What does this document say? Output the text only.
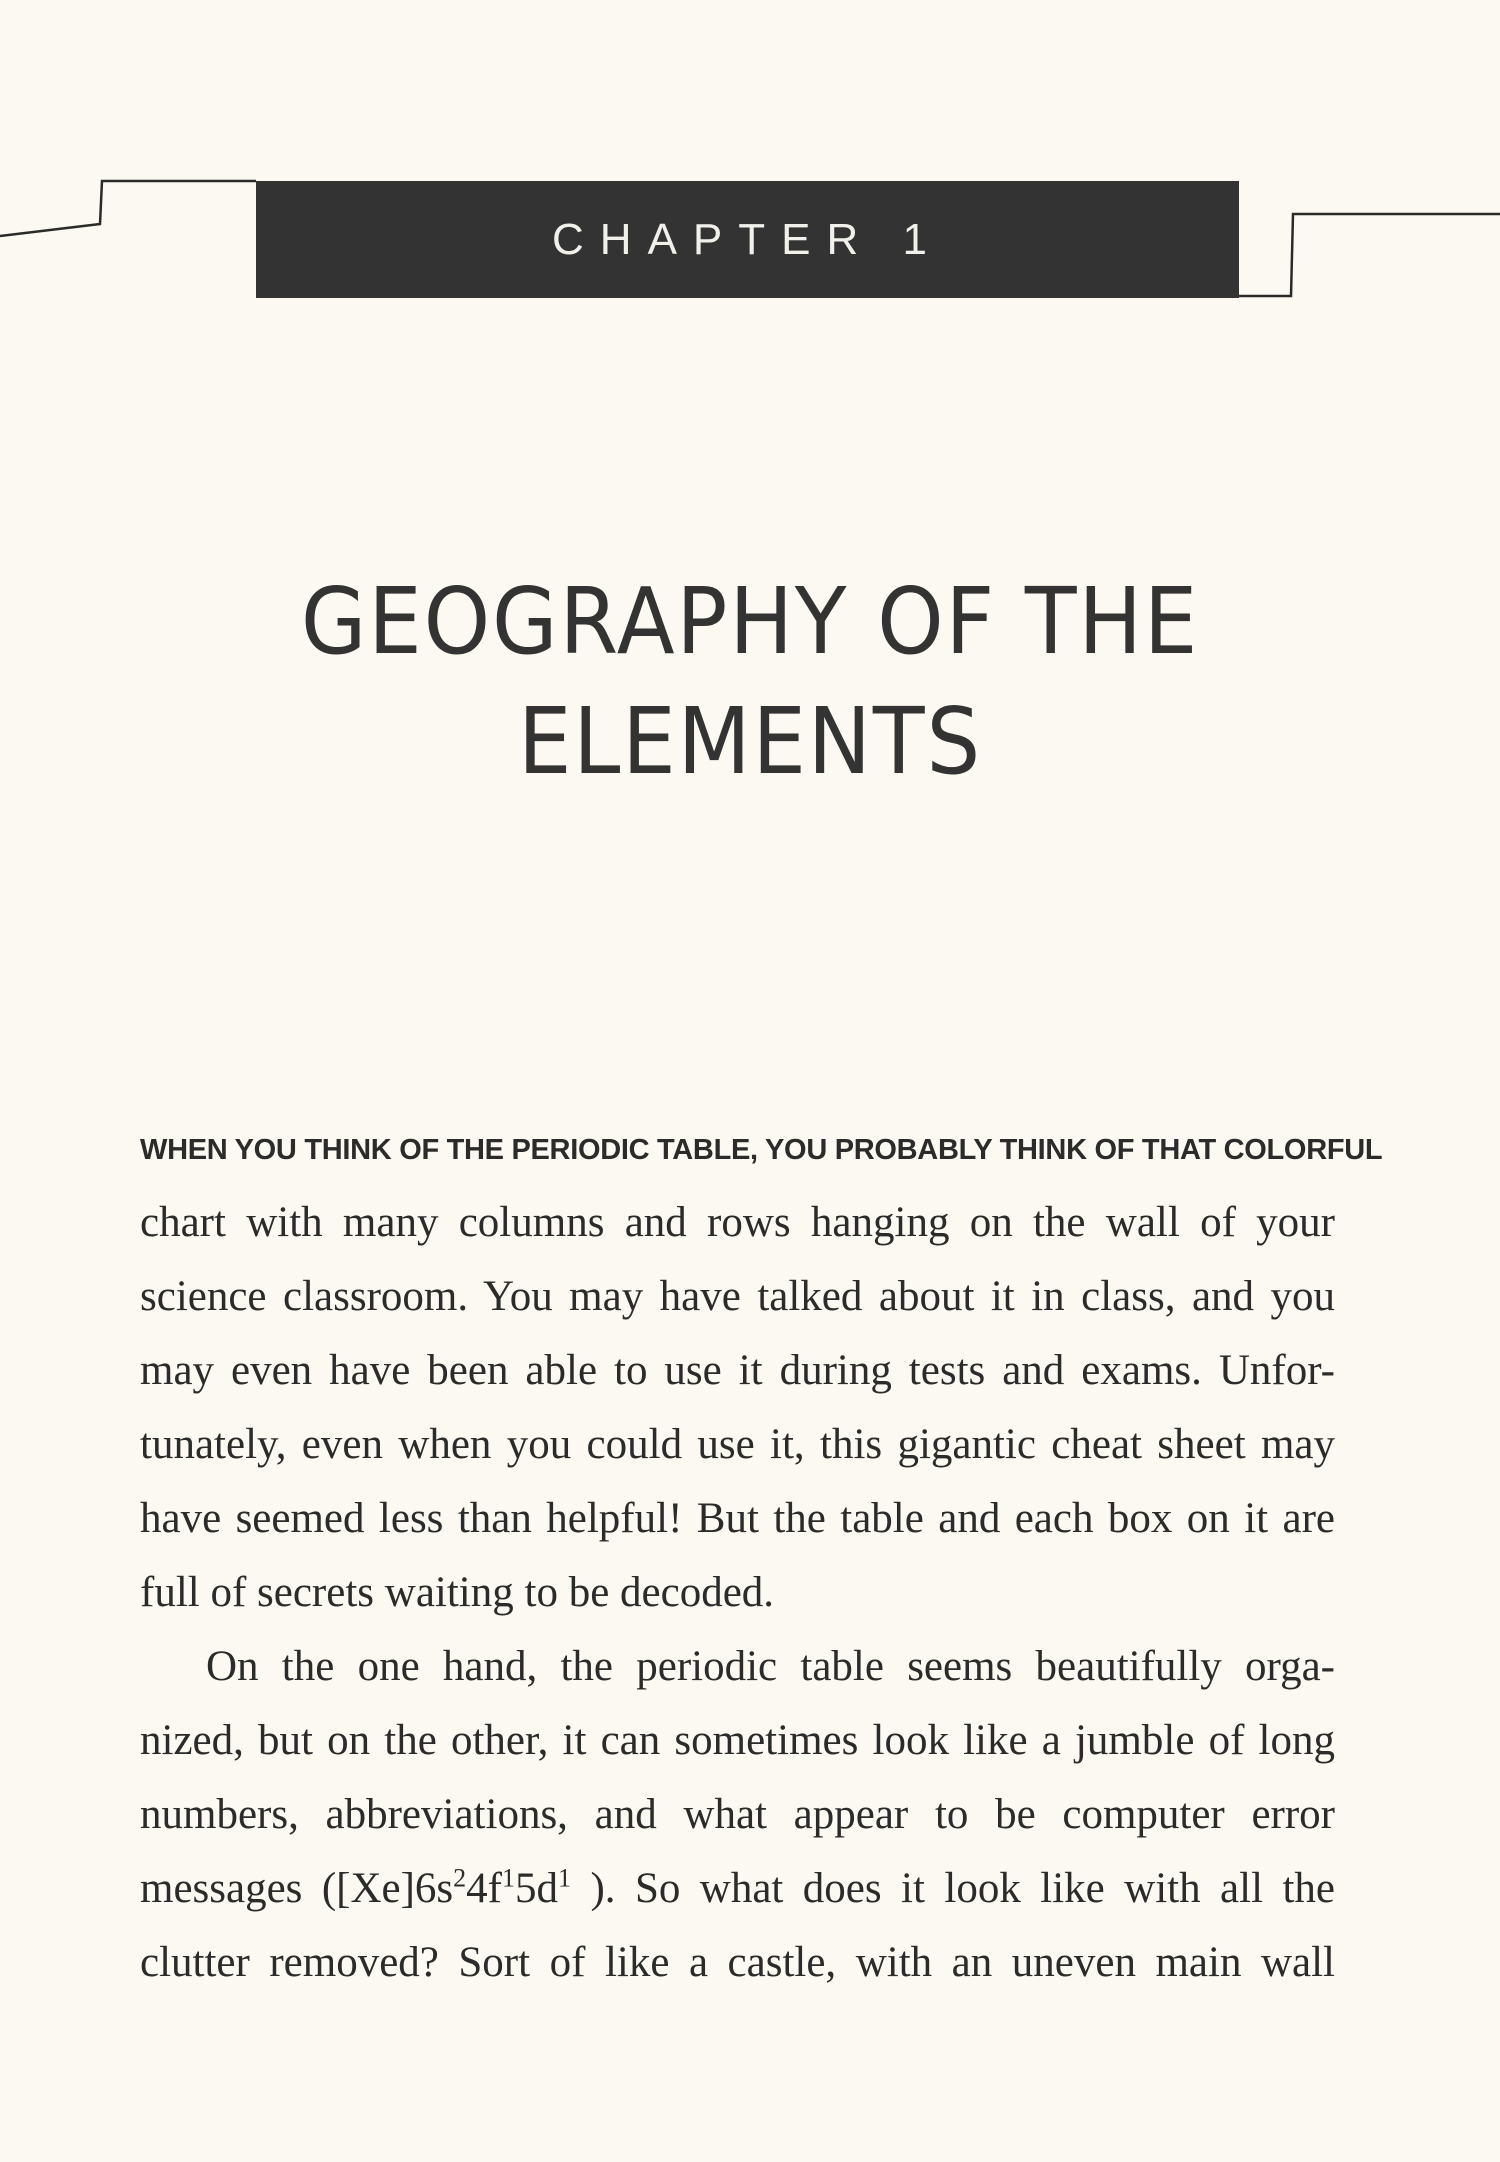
CHAPTER 1
GEOGRAPHY OF THE
ELEMENTS
WHEN YOU THINK OF THE PERIODIC TABLE, YOU PROBABLY THINK OF THAT COLORFUL

chart with many columns and rows hanging on the wall of your
science classroom. You may have talked about it in class, and you
may even have been able to use it during tests and exams. Unfor-
tunately, even when you could use it, this gigantic cheat sheet may
have seemed less than helpful! But the table and each box on it are
full of secrets waiting to be decoded.

On the one hand, the periodic table seems beautifully orga-
nized, but on the other, it can sometimes look like a jumble of long
numbers, abbreviations, and what appear to be computer error
messages ($[Xe]6s^24f^15d^1$ ). So what does it look like with all the
clutter removed? Sort of like a castle, with an uneven main wall
